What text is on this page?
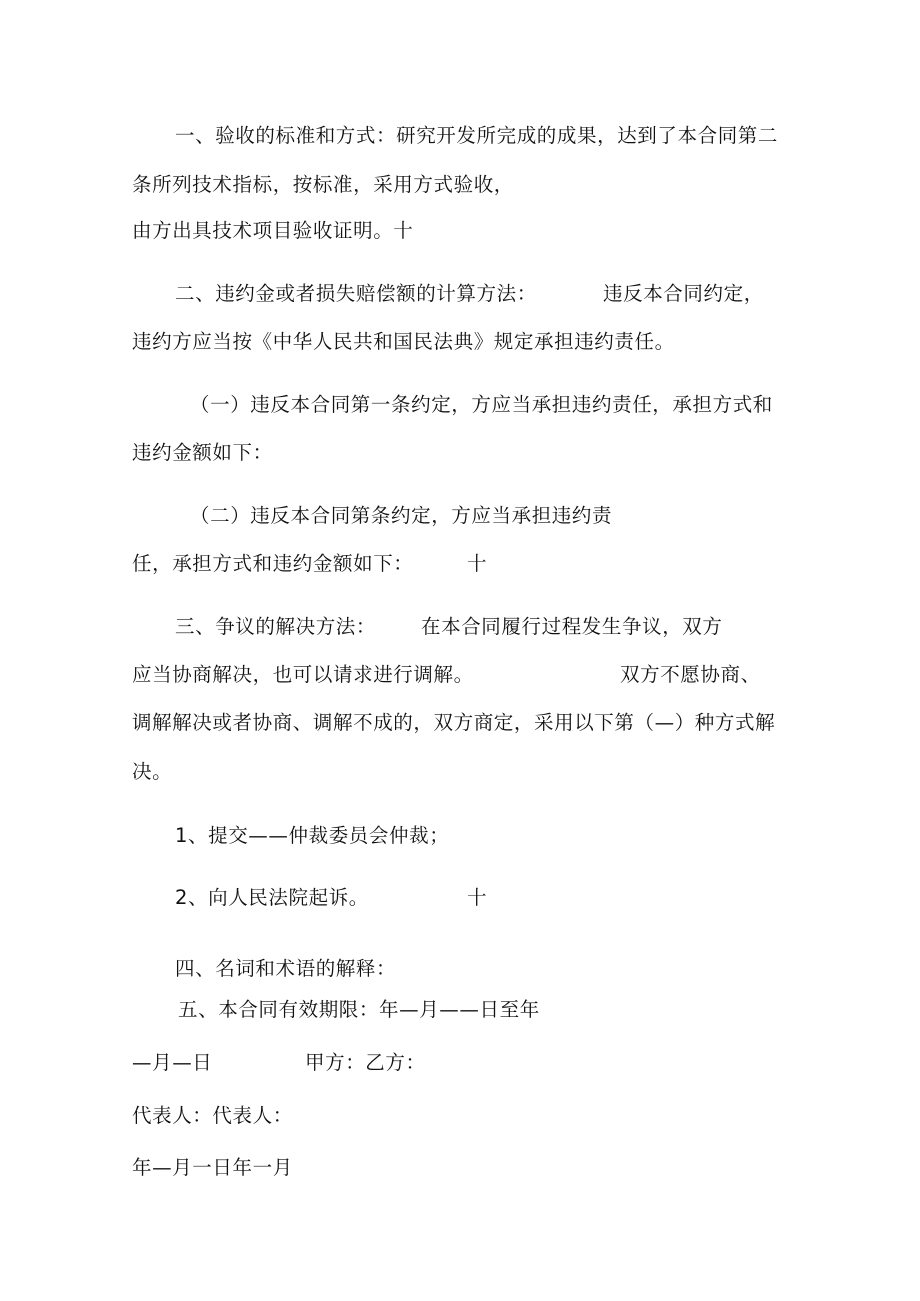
一、验收的标准和方式：研究开发所完成的成果，达到了本合同第二
条所列技术指标，按标准，采用方式验收，
由方出具技术项目验收证明。十
二、违约金或者损失赔偿额的计算方法：	违反本合同约定，
违约方应当按《中华人民共和国民法典》规定承担违约责任。
（一）违反本合同第一条约定，方应当承担违约责任，承担方式和
违约金额如下：
（二）违反本合同第条约定，方应当承担违约责
任，承担方式和违约金额如下：	十
三、争议的解决方法： 在本合同履行过程发生争议，双方
应当协商解决，也可以请求进行调解。	双方不愿协商、
调解解决或者协商、调解不成的，双方商定，采用以下第（—）种方式解
决。
1、提交——仲裁委员会仲裁；
2、向人民法院起诉。	十
四、名词和术语的解释：
五、本合同有效期限：年—月——日至年
—月—日	甲方：乙方：
代表人：代表人：
年—月一日年一月
